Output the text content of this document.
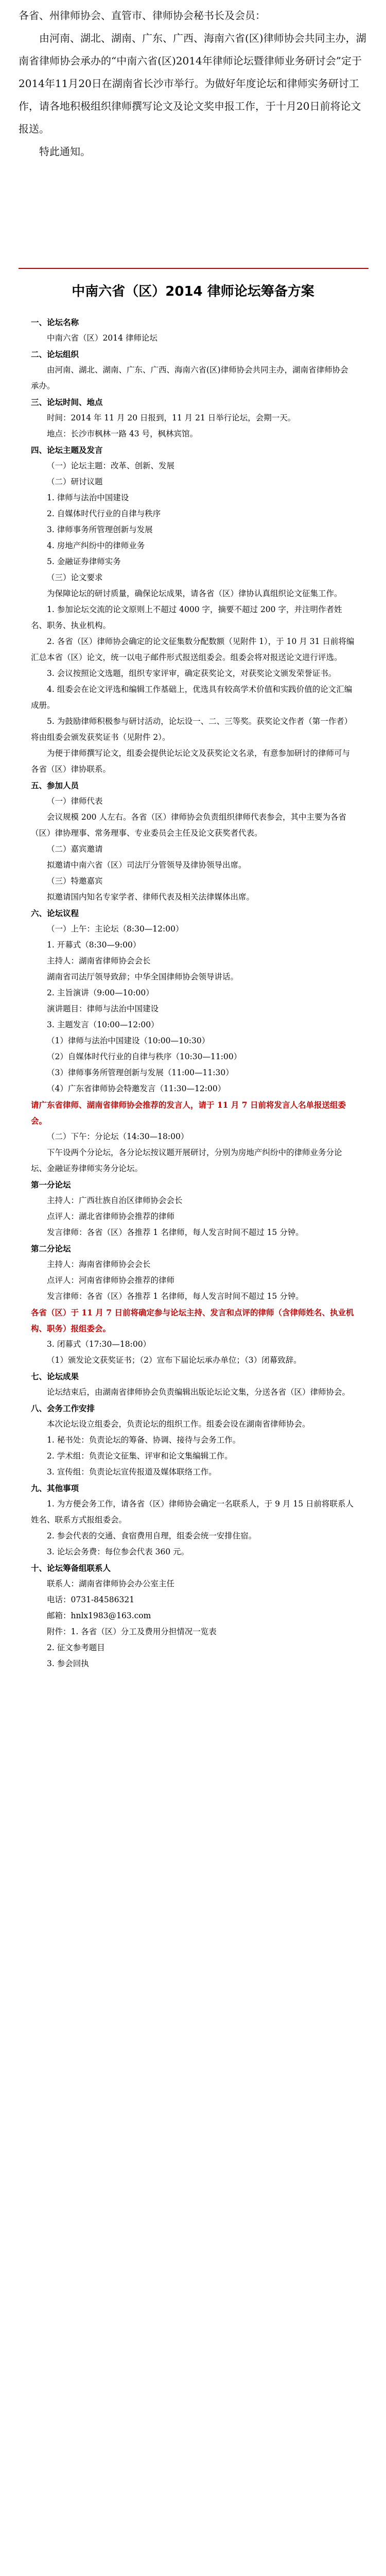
各省、州律师协会、直管市、律师协会秘书长及会员：

由河南、湖北、湖南、广东、广西、海南六省(区)律师协会共同主办，湖南省律师协会承办的“中南六省(区)2014年律师论坛暨律师业务研讨会”定于2014年11月20日在湖南省长沙市举行。为做好年度论坛和律师实务研讨工作，请各地积极组织律师撰写论文及论文奖申报工作，于十月20日前将论文报送。

特此通知。

中南六省（区）2014 律师论坛筹备方案

一、论坛名称

中南六省（区）2014 律师论坛

二、论坛组织

由河南、湖北、湖南、广东、广西、海南六省(区)律师协会共同主办，湖南省律师协会承办。

三、论坛时间、地点

时间：2014 年 11 月 20 日报到，11 月 21 日举行论坛，会期一天。

地点：长沙市枫林一路 43 号，枫林宾馆。

四、论坛主题及发言

（一）论坛主题：改革、创新、发展

（二）研讨议题

1. 律师与法治中国建设

2. 自媒体时代行业的自律与秩序

3. 律师事务所管理创新与发展

4. 房地产纠纷中的律师业务

5. 金融证券律师实务

（三）论文要求

为保障论坛的研讨质量，确保论坛成果，请各省（区）律协认真组织论文征集工作。

1. 参加论坛交流的论文原则上不超过 4000 字，摘要不超过 200 字，并注明作者姓名、职务、执业机构。

2. 各省（区）律师协会确定的论文征集数分配数额（见附件 1），于 10 月 31 日前将编汇总本省（区）论文，统一以电子邮件形式报送组委会。组委会将对报送论文进行评选。

3. 会议按照论文选题，组织专家评审，确定获奖论文，对获奖论文颁发荣誉证书。

4. 组委会在论文评选和编辑工作基础上，优选具有较高学术价值和实践价值的论文汇编成册。

5. 为鼓励律师积极参与研讨活动，论坛设一、二、三等奖。获奖论文作者（第一作者）将由组委会颁发获奖证书（见附件 2）。

为便于律师撰写论文，组委会提供论坛论文及获奖论文名录，有意参加研讨的律师可与各省（区）律协联系。

五、参加人员

（一）律师代表

会议规模 200 人左右。各省（区）律师协会负责组织律师代表参会，其中主要为各省（区）律协理事、常务理事、专业委员会主任及论文获奖者代表。

（二）嘉宾邀请

拟邀请中南六省（区）司法厅分管领导及律协领导出席。

（三）特邀嘉宾

拟邀请国内知名专家学者、律师代表及相关法律媒体出席。

六、论坛议程

（一）上午：主论坛（8:30—12:00）

1. 开幕式（8:30—9:00）

主持人：湖南省律师协会会长

湖南省司法厅领导致辞；中华全国律师协会领导讲话。

2. 主旨演讲（9:00—10:00）

演讲题目：律师与法治中国建设

3. 主题发言（10:00—12:00）

（1）律师与法治中国建设（10:00—10:30）

（2）自媒体时代行业的自律与秩序（10:30—11:00）

（3）律师事务所管理创新与发展（11:00—11:30）

（4）广东省律师协会特邀发言（11:30—12:00）

请广东省律师、湖南省律师协会推荐的发言人，请于 11 月 7 日前将发言人名单报送组委会。

（二）下午：分论坛（14:30—18:00）

下午设两个分论坛，各分论坛按议题开展研讨，分别为房地产纠纷中的律师业务分论坛、金融证券律师实务分论坛。

第一分论坛

主持人：广西壮族自治区律师协会会长

点评人：湖北省律师协会推荐的律师

发言律师：各省（区）各推荐 1 名律师，每人发言时间不超过 15 分钟。

第二分论坛

主持人：海南省律师协会会长

点评人：河南省律师协会推荐的律师

发言律师：各省（区）各推荐 1 名律师，每人发言时间不超过 15 分钟。

各省（区）于 11 月 7 日前将确定参与论坛主持、发言和点评的律师（含律师姓名、执业机构、职务）报组委会。

3. 闭幕式（17:30—18:00）

（1）颁发论文获奖证书；（2）宣布下届论坛承办单位；（3）闭幕致辞。

七、论坛成果

论坛结束后，由湖南省律师协会负责编辑出版论坛论文集，分送各省（区）律师协会。

八、会务工作安排

本次论坛设立组委会，负责论坛的组织工作。组委会设在湖南省律师协会。

1. 秘书处：负责论坛的筹备、协调、接待与会务工作。

2. 学术组：负责论文征集、评审和论文集编辑工作。

3. 宣传组：负责论坛宣传报道及媒体联络工作。

九、其他事项

1. 为方便会务工作，请各省（区）律师协会确定一名联系人，于 9 月 15 日前将联系人姓名、联系方式报组委会。

2. 参会代表的交通、食宿费用自理，组委会统一安排住宿。

3. 论坛会务费：每位参会代表 360 元。

十、论坛筹备组联系人

联系人：湖南省律师协会办公室主任

电话：0731-84586321

邮箱：hnlx1983@163.com

附件：1. 各省（区）分工及费用分担情况一览表

2. 征文参考题目

3. 参会回执
